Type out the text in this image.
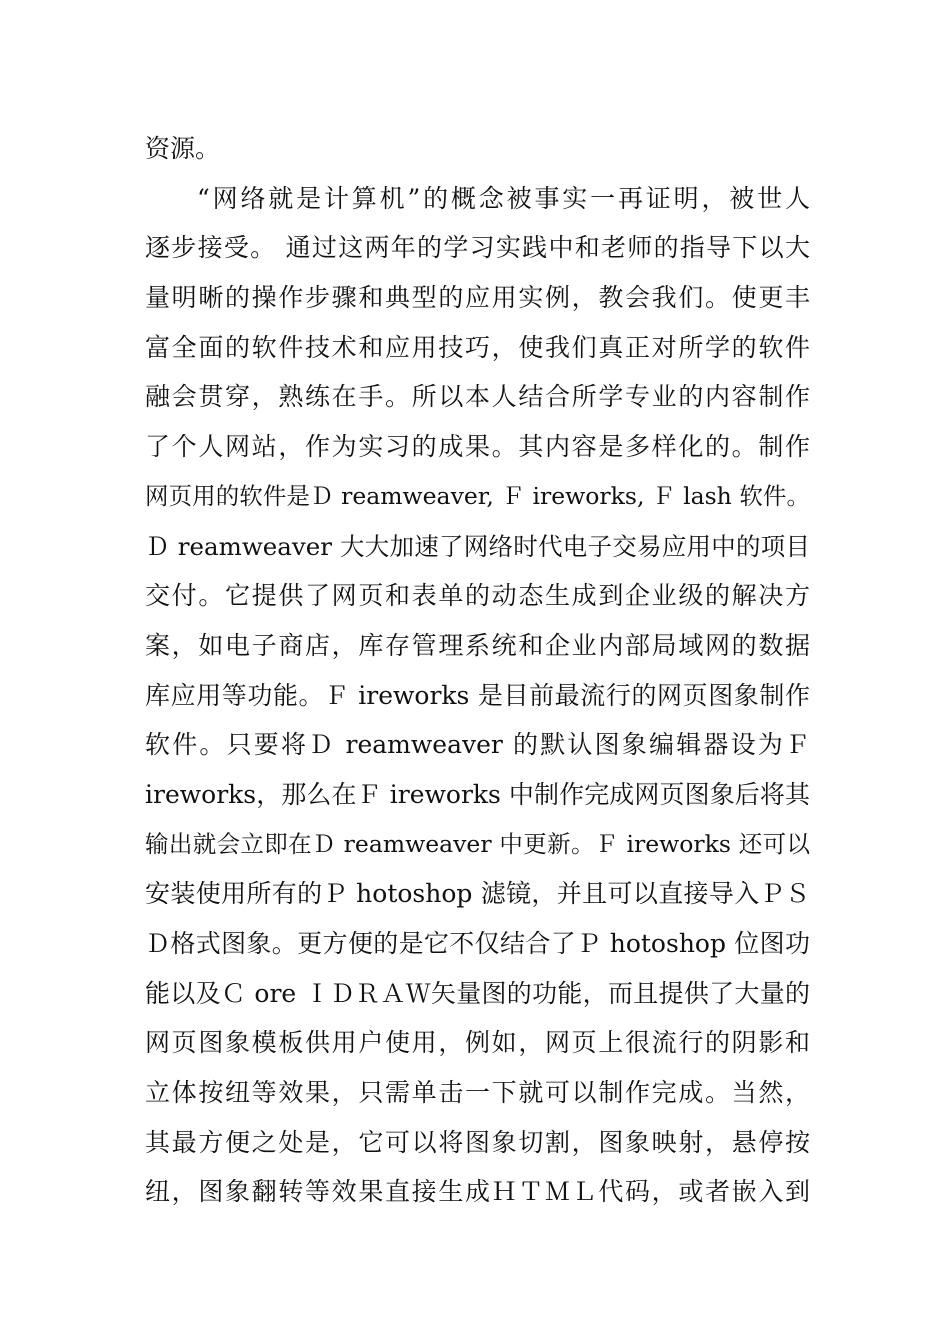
资源。
“网络就是计算机”的概念被事实一再证明，被世人
逐步接受。 通过这两年的学习实践中和老师的指导下以大
量明晰的操作步骤和典型的应用实例，教会我们。使更丰
富全面的软件技术和应用技巧，使我们真正对所学的软件
融会贯穿，熟练在手。所以本人结合所学专业的内容制作
了个人网站，作为实习的成果。其内容是多样化的。制作
网页用的软件是Ｄ reamweaver, Ｆ ireworks, Ｆ lash 软件。
Ｄ reamweaver 大大加速了网络时代电子交易应用中的项目
交付。它提供了网页和表单的动态生成到企业级的解决方
案，如电子商店，库存管理系统和企业内部局域网的数据
库应用等功能。Ｆ ireworks 是目前最流行的网页图象制作
软件。只要将Ｄ reamweaver 的默认图象编辑器设为Ｆ
ireworks，那么在Ｆ ireworks 中制作完成网页图象后将其
输出就会立即在Ｄ reamweaver 中更新。Ｆ ireworks 还可以
安装使用所有的Ｐ hotoshop 滤镜，并且可以直接导入ＰＳ
Ｄ格式图象。更方便的是它不仅结合了Ｐ hotoshop 位图功
能以及Ｃ ore ＩＤＲＡＷ矢量图的功能，而且提供了大量的
网页图象模板供用户使用，例如，网页上很流行的阴影和
立体按纽等效果，只需单击一下就可以制作完成。当然，
其最方便之处是，它可以将图象切割，图象映射，悬停按
纽，图象翻转等效果直接生成ＨＴＭＬ代码，或者嵌入到
